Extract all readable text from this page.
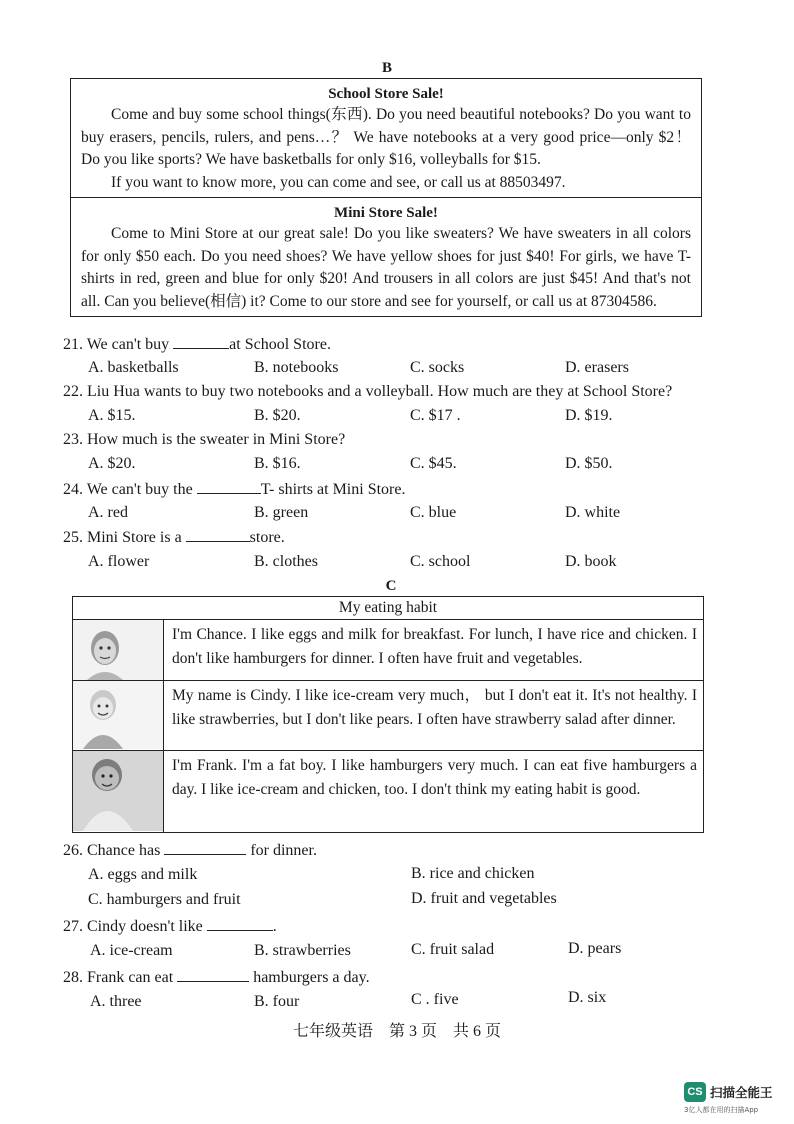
B
School Store Sale!
Come and buy some school things(东西). Do you need beautiful notebooks? Do you want to buy erasers, pencils, rulers, and pens…？ We have notebooks at a very good price—only $2！ Do you like sports? We have basketballs for only $16, volleyballs for $15.
If you want to know more, you can come and see, or call us at 88503497.
Mini Store Sale!
Come to Mini Store at our great sale! Do you like sweaters? We have sweaters in all colors for only $50 each. Do you need shoes? We have yellow shoes for just $40! For girls, we have T- shirts in red, green and blue for only $20! And trousers in all colors are just $45! And that's not all. Can you believe(相信) it? Come to our store and see for yourself, or call us at 87304586.
21. We can't buy	at School Store.
A. basketballs	B. notebooks	C. socks	D. erasers
22. Liu Hua wants to buy two notebooks and a volleyball. How much are they at School Store?
A. $15.	B. $20.	C. $17 .	D. $19.
23. How much is the sweater in Mini Store?
A. $20.	B. $16.	C. $45.	D. $50.
24. We can't buy the	T- shirts at Mini Store.
A. red	B. green	C. blue	D. white
25. Mini Store is a	store.
A. flower	B. clothes	C. school	D. book
C
My eating habit	

	I'm Chance. I like eggs and milk for breakfast. For lunch, I have rice and chicken. I don't like hamburgers for dinner. I often have fruit and vegetables.

	My name is Cindy. I like ice-cream very much， but I don't eat it. It's not healthy. I like strawberries, but I don't like pears. I often have strawberry salad after dinner.

	I'm Frank. I'm a fat boy. I like hamburgers very much. I can eat five hamburgers a day. I like ice-cream and chicken, too. I don't think my eating habit is good.
26. Chance has	for dinner.
A. eggs and milk	B. rice and chicken
C. hamburgers and fruit	D. fruit and vegetables
27. Cindy doesn't like	.
A. ice-cream	B. strawberries	C. fruit salad	D. pears
28. Frank can eat	hamburgers a day.
A. three	B. four	C . five	D. six
七年级英语　第 3 页　共 6 页
CS 扫描全能王
3亿人都在用的扫描App
